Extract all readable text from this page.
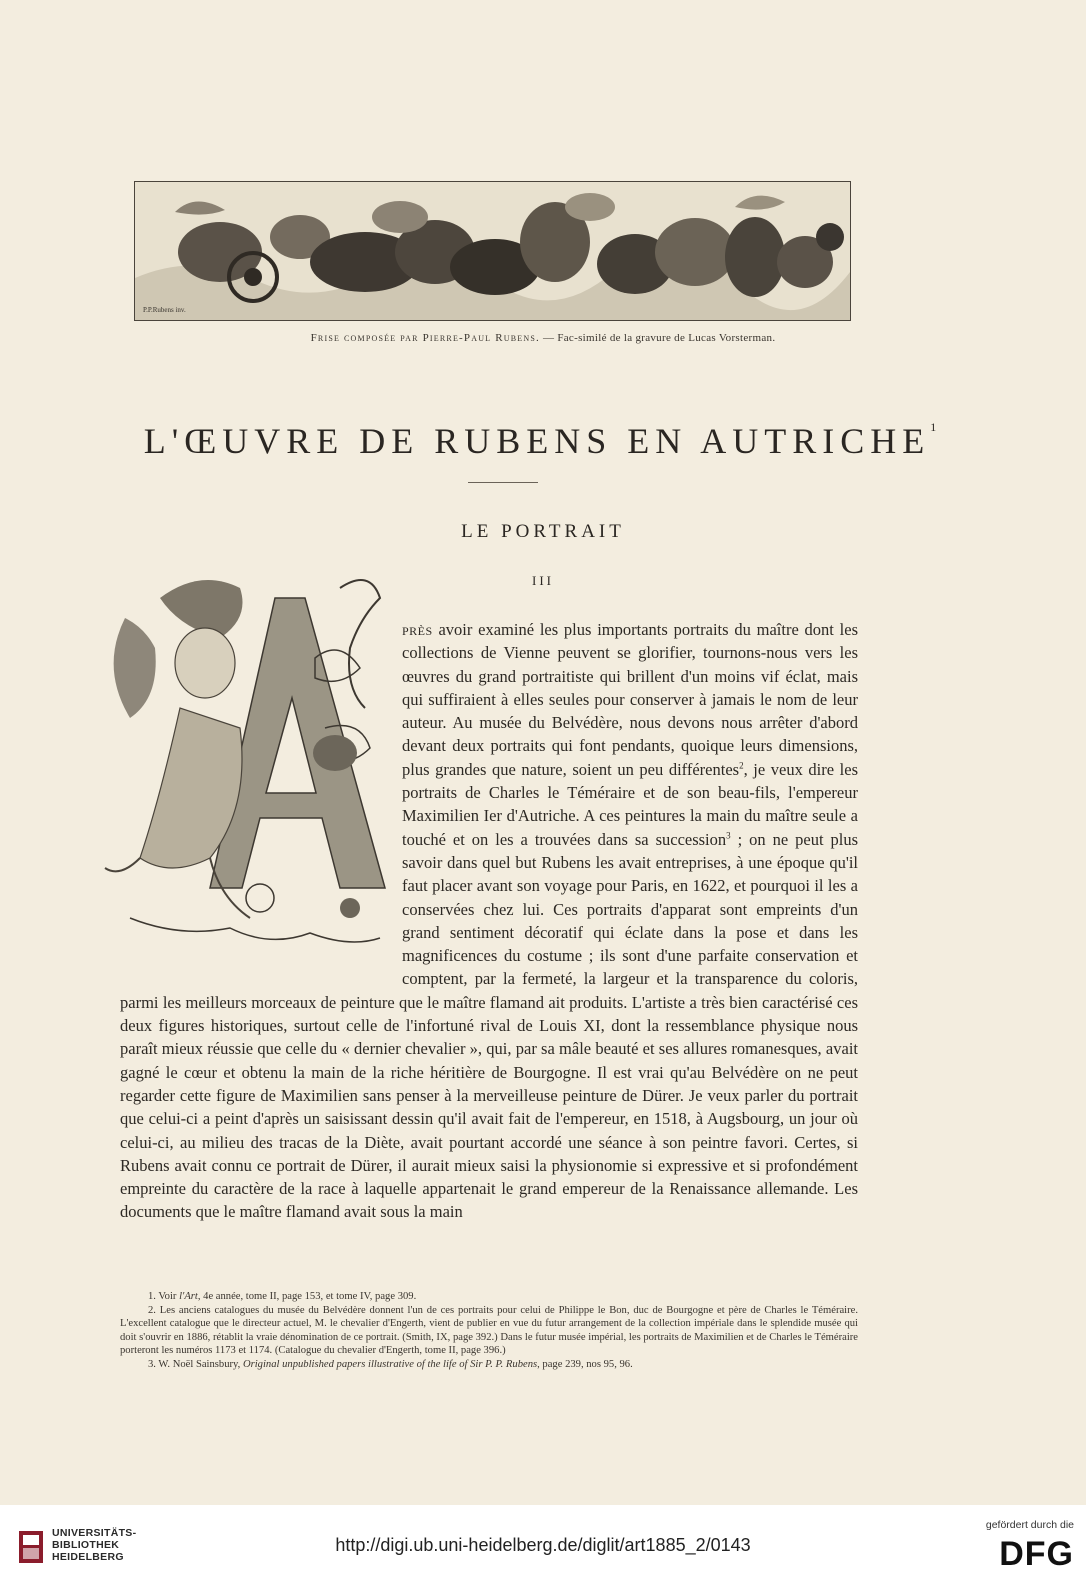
P.P.Rubens inv.
Frise composée par Pierre-Paul Rubens. — Fac-similé de la gravure de Lucas Vorsterman.
L'ŒUVRE DE RUBENS EN AUTRICHE$^1$
LE PORTRAIT
III
près avoir examiné les plus importants portraits du maître dont les collections de Vienne peuvent se glorifier, tournons-nous vers les œuvres du grand portraitiste qui brillent d'un moins vif éclat, mais qui suffiraient à elles seules pour conserver à jamais le nom de leur auteur. Au musée du Belvédère, nous devons nous arrêter d'abord devant deux portraits qui font pendants, quoique leurs dimensions, plus grandes que nature, soient un peu différentes$^2$, je veux dire les portraits de Charles le Téméraire et de son beau-fils, l'empereur Maximilien Ier d'Autriche. A ces peintures la main du maître seule a touché et on les a trouvées dans sa succession$^3$ ; on ne peut plus savoir dans quel but Rubens les avait entreprises, à une époque qu'il faut placer avant son voyage pour Paris, en 1622, et pourquoi il les a conservées chez lui. Ces portraits d'apparat sont empreints d'un grand sentiment décoratif qui éclate dans la pose et dans les magnificences du costume ; ils sont d'une parfaite conservation et comptent, par la fermeté, la largeur et la transparence du coloris, parmi les meilleurs morceaux de peinture que le maître flamand ait produits. L'artiste a très bien caractérisé ces deux figures historiques, surtout celle de l'infortuné rival de Louis XI, dont la ressemblance physique nous paraît mieux réussie que celle du « dernier chevalier », qui, par sa mâle beauté et ses allures romanesques, avait gagné le cœur et obtenu la main de la riche héritière de Bourgogne. Il est vrai qu'au Belvédère on ne peut regarder cette figure de Maximilien sans penser à la merveilleuse peinture de Dürer. Je veux parler du portrait que celui-ci a peint d'après un saisissant dessin qu'il avait fait de l'empereur, en 1518, à Augsbourg, un jour où celui-ci, au milieu des tracas de la Diète, avait pourtant accordé une séance à son peintre favori. Certes, si Rubens avait connu ce portrait de Dürer, il aurait mieux saisi la physionomie si expressive et si profondément empreinte du caractère de la race à laquelle appartenait le grand empereur de la Renaissance allemande. Les documents que le maître flamand avait sous la main

1. Voir l'Art, 4e année, tome II, page 153, et tome IV, page 309.

2. Les anciens catalogues du musée du Belvédère donnent l'un de ces portraits pour celui de Philippe le Bon, duc de Bourgogne et père de Charles le Téméraire. L'excellent catalogue que le directeur actuel, M. le chevalier d'Engerth, vient de publier en vue du futur arrangement de la collection impériale dans le splendide musée qui doit s'ouvrir en 1886, rétablit la vraie dénomination de ce portrait. (Smith, IX, page 392.) Dans le futur musée impérial, les portraits de Maximilien et de Charles le Téméraire porteront les numéros 1173 et 1174. (Catalogue du chevalier d'Engerth, tome II, page 396.)

3. W. Noël Sainsbury, Original unpublished papers illustrative of the life of Sir P. P. Rubens, page 239, nos 95, 96.

UNIVERSITÄTS-
BIBLIOTHEK
HEIDELBERG
http://digi.ub.uni-heidelberg.de/diglit/art1885_2/0143
gefördert durch die
DFG
